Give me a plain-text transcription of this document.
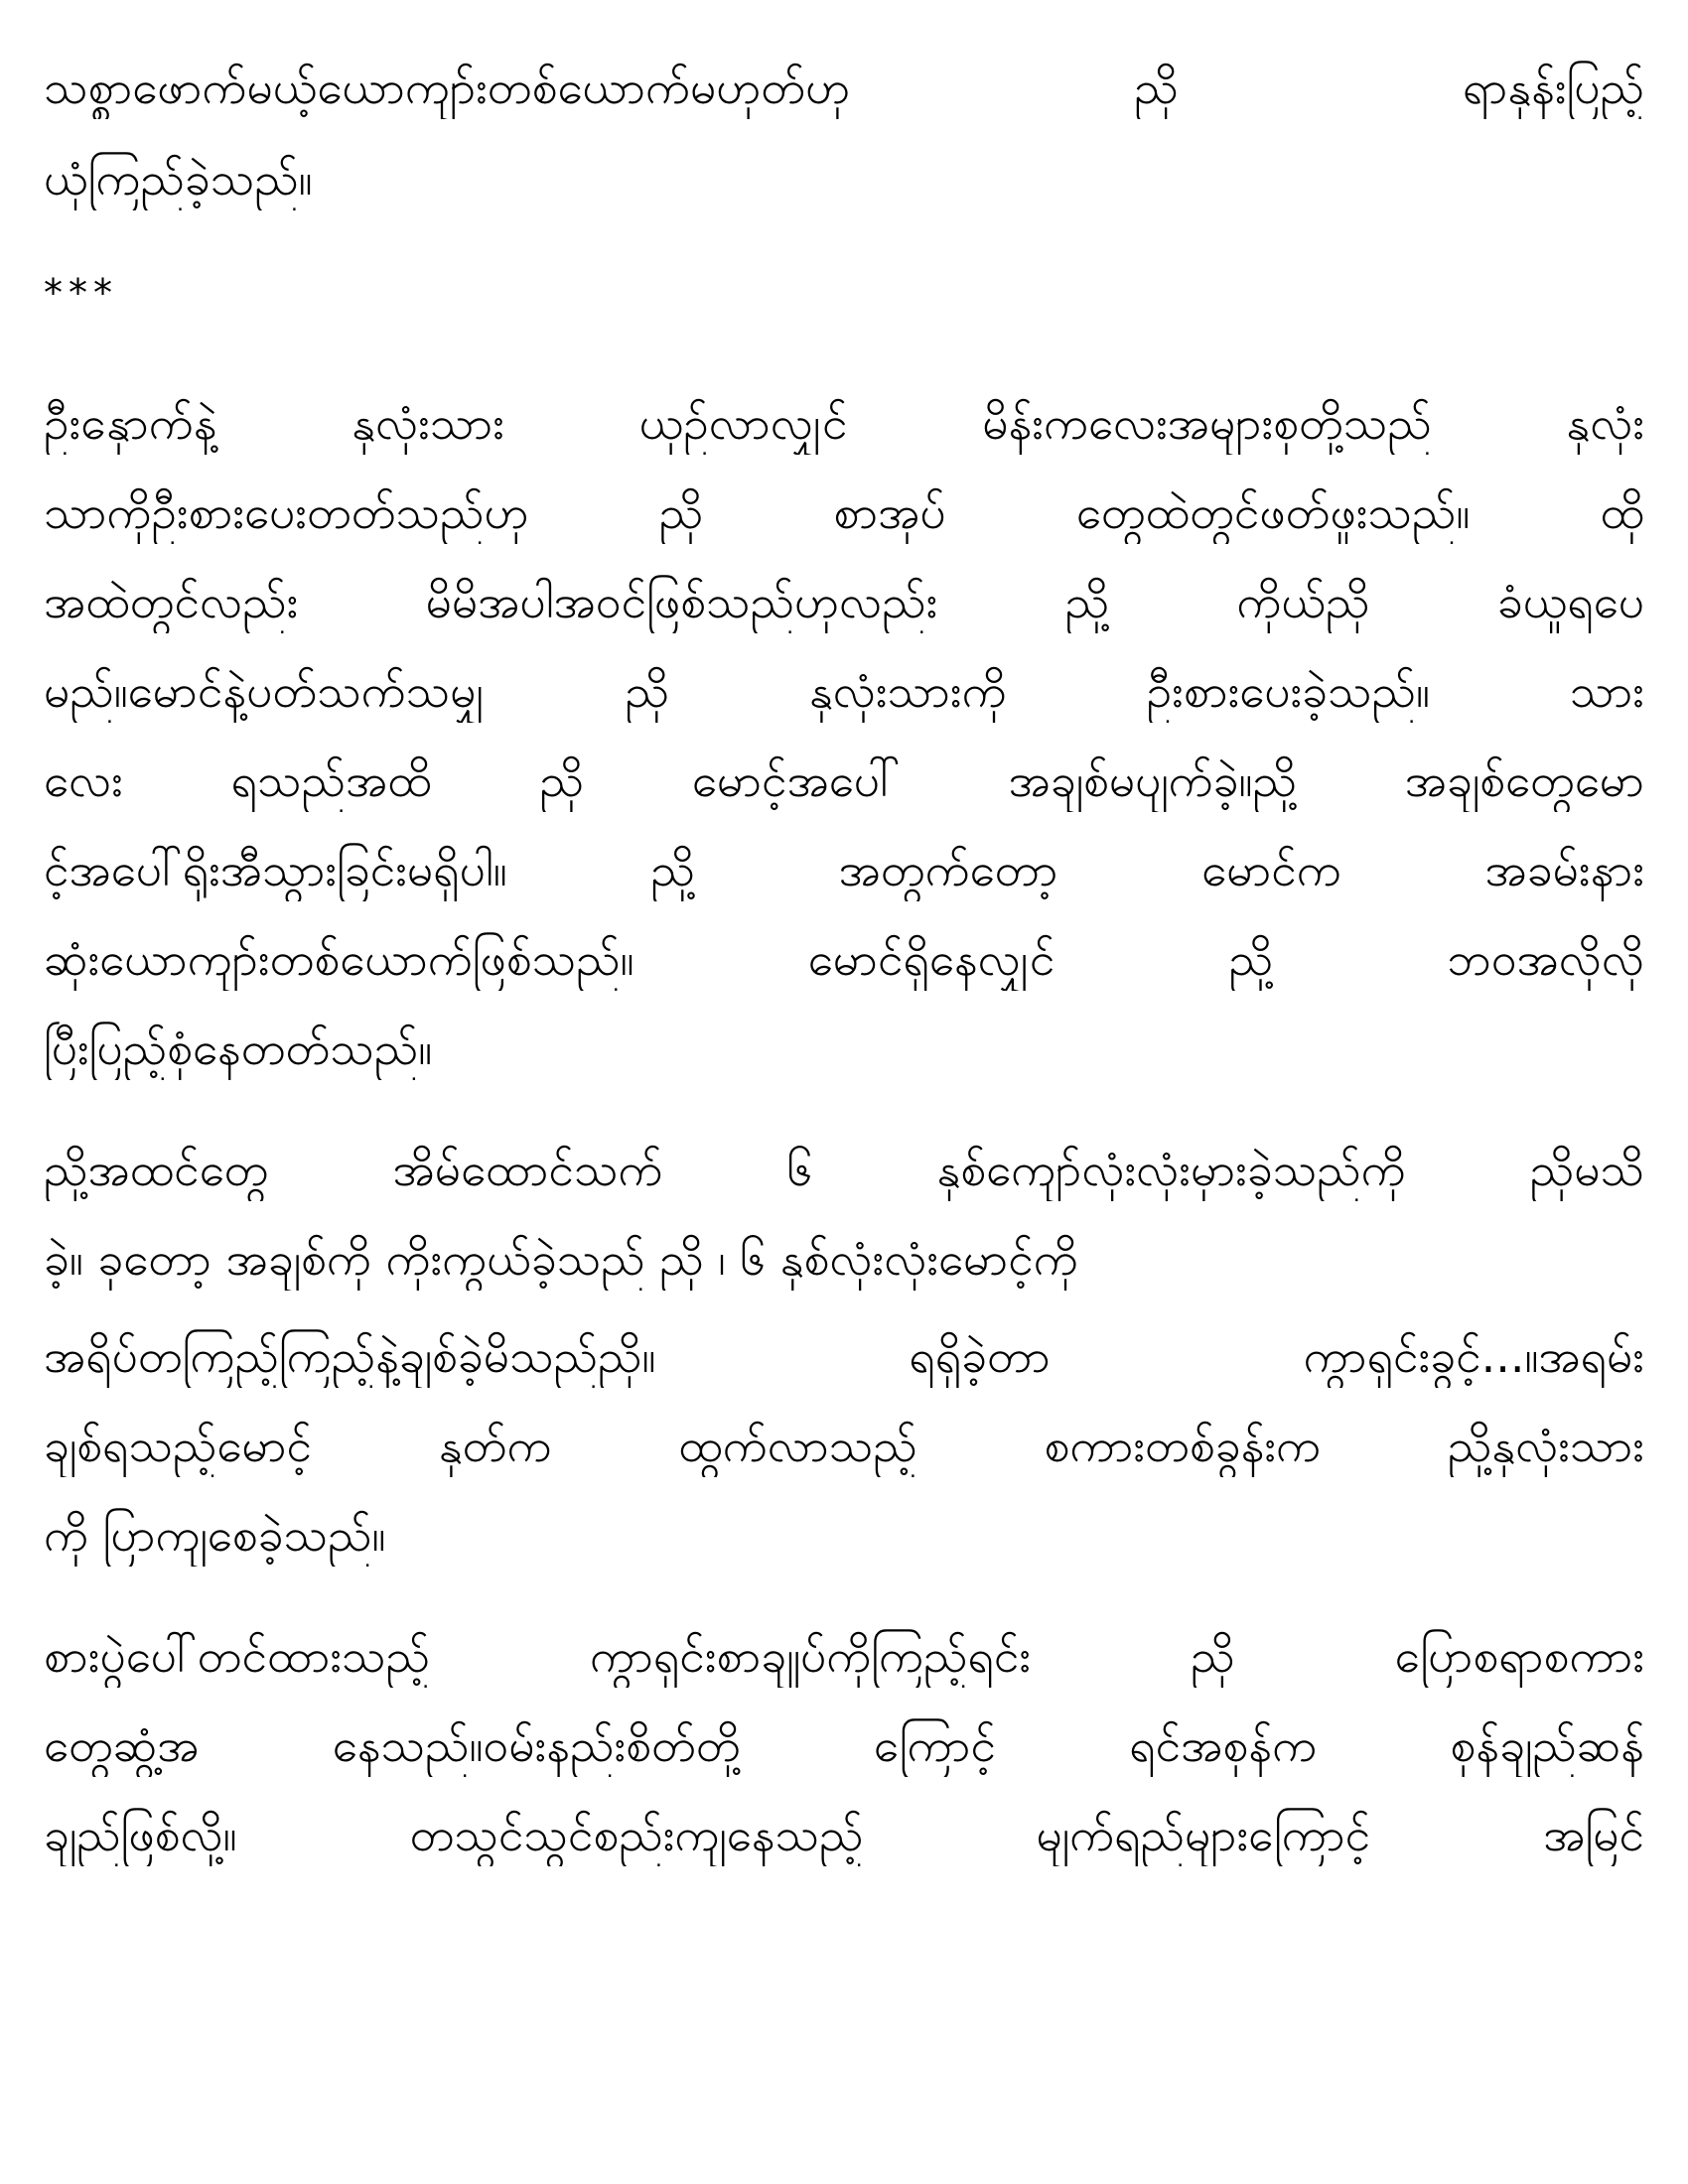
သစ္စာဖောက်မယ့်ယောကျာ်းတစ်ယောက်မဟုတ်ဟု ညို ရာနုန်းပြည့်
ယုံကြည်ခဲ့သည်။
***
ဦးနှောက်နဲ့ နှလုံးသား ယှဉ်လာလျှင် မိန်းကလေးအများစုတို့သည် နှလုံး
သာကိုဦးစားပေးတတ်သည်ဟု ညို စာအုပ် တွေထဲတွင်ဖတ်ဖူးသည်။ ထို
အထဲတွင်လည်း မိမိအပါအဝင်ဖြစ်သည်ဟုလည်း ညို့ ကိုယ်ညို ခံယူရပေ
မည်။မောင်နဲ့ပတ်သက်သမျှ ညို နှလုံးသားကို ဦးစားပေးခဲ့သည်။ သား
လေး ရသည်အထိ ညို မောင့်အပေါ် အချစ်မပျက်ခဲ့။ညို့ အချစ်တွေမော
င့်အပေါ်ရိုးအီသွားခြင်းမရှိပါ။ ညို့ အတွက်တော့ မောင်က အခမ်းနား
ဆုံးယောကျာ်းတစ်ယောက်ဖြစ်သည်။ မောင်ရှိနေလျှင် ညို့ ဘဝအလိုလို
ပြီးပြည့်စုံနေတတ်သည်။
ညို့အထင်တွေ အိမ်ထောင်သက် ၆ နှစ်ကျော်လုံးလုံးမှားခဲ့သည်ကို ညိုမသိ
ခဲ့။ ခုတော့ အချစ်ကို ကိုးကွယ်ခဲ့သည် ညို ၊ ၆ နှစ်လုံးလုံးမောင့်ကို
အရိပ်တကြည့်ကြည့်နဲ့ချစ်ခဲ့မိသည်ညို။ ရရှိခဲ့တာ ကွာရှင်းခွင့်...။အရမ်း
ချစ်ရသည့်မောင့် နုတ်က ထွက်လာသည့် စကားတစ်ခွန်းက ညို့နှလုံးသား
ကို ပြာကျစေခဲ့သည်။
စားပွဲပေါ်တင်ထားသည့် ကွာရှင်းစာချုပ်ကိုကြည့်ရင်း ညို ပြောစရာစကား
တွေဆွံ့အ နေသည်။ဝမ်းနည်းစိတ်တို့ ကြောင့် ရင်အစုန်က စုန်ချည်ဆန်
ချည်ဖြစ်လို့။ တသွင်သွင်စည်းကျနေသည့် မျက်ရည်များကြောင့် အမြင်
